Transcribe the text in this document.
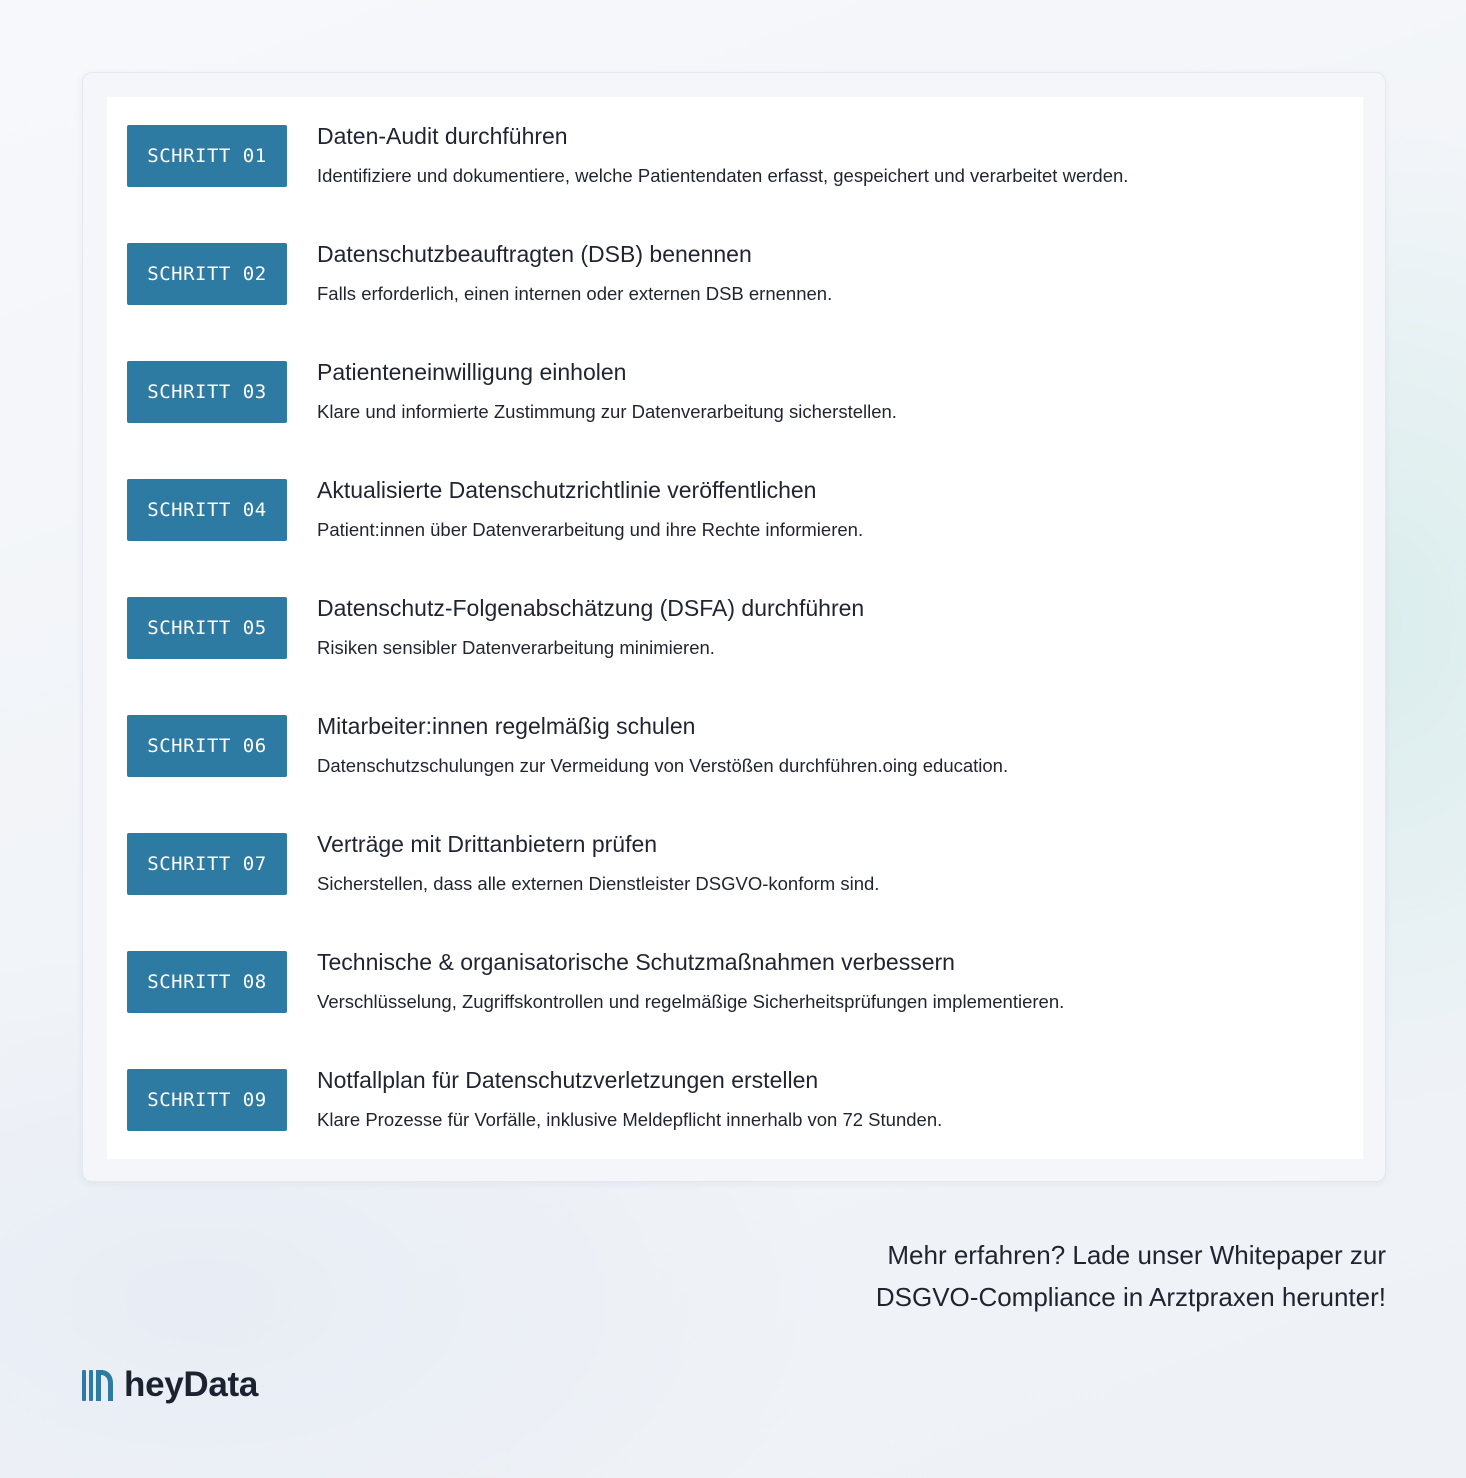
SCHRITT 01
Daten-Audit durchführen
Identifiziere und dokumentiere, welche Patientendaten erfasst, gespeichert und verarbeitet werden.
SCHRITT 02
Datenschutzbeauftragten (DSB) benennen
Falls erforderlich, einen internen oder externen DSB ernennen.
SCHRITT 03
Patienteneinwilligung einholen
Klare und informierte Zustimmung zur Datenverarbeitung sicherstellen.
SCHRITT 04
Aktualisierte Datenschutzrichtlinie veröffentlichen
Patient:innen über Datenverarbeitung und ihre Rechte informieren.
SCHRITT 05
Datenschutz-Folgenabschätzung (DSFA) durchführen
Risiken sensibler Datenverarbeitung minimieren.
SCHRITT 06
Mitarbeiter:innen regelmäßig schulen
Datenschutzschulungen zur Vermeidung von Verstößen durchführen.oing education.
SCHRITT 07
Verträge mit Drittanbietern prüfen
Sicherstellen, dass alle externen Dienstleister DSGVO-konform sind.
SCHRITT 08
Technische & organisatorische Schutzmaßnahmen verbessern
Verschlüsselung, Zugriffskontrollen und regelmäßige Sicherheitsprüfungen implementieren.
SCHRITT 09
Notfallplan für Datenschutzverletzungen erstellen
Klare Prozesse für Vorfälle, inklusive Meldepflicht innerhalb von 72 Stunden.
Mehr erfahren? Lade unser Whitepaper zur
DSGVO-Compliance in Arztpraxen herunter!
heyData
